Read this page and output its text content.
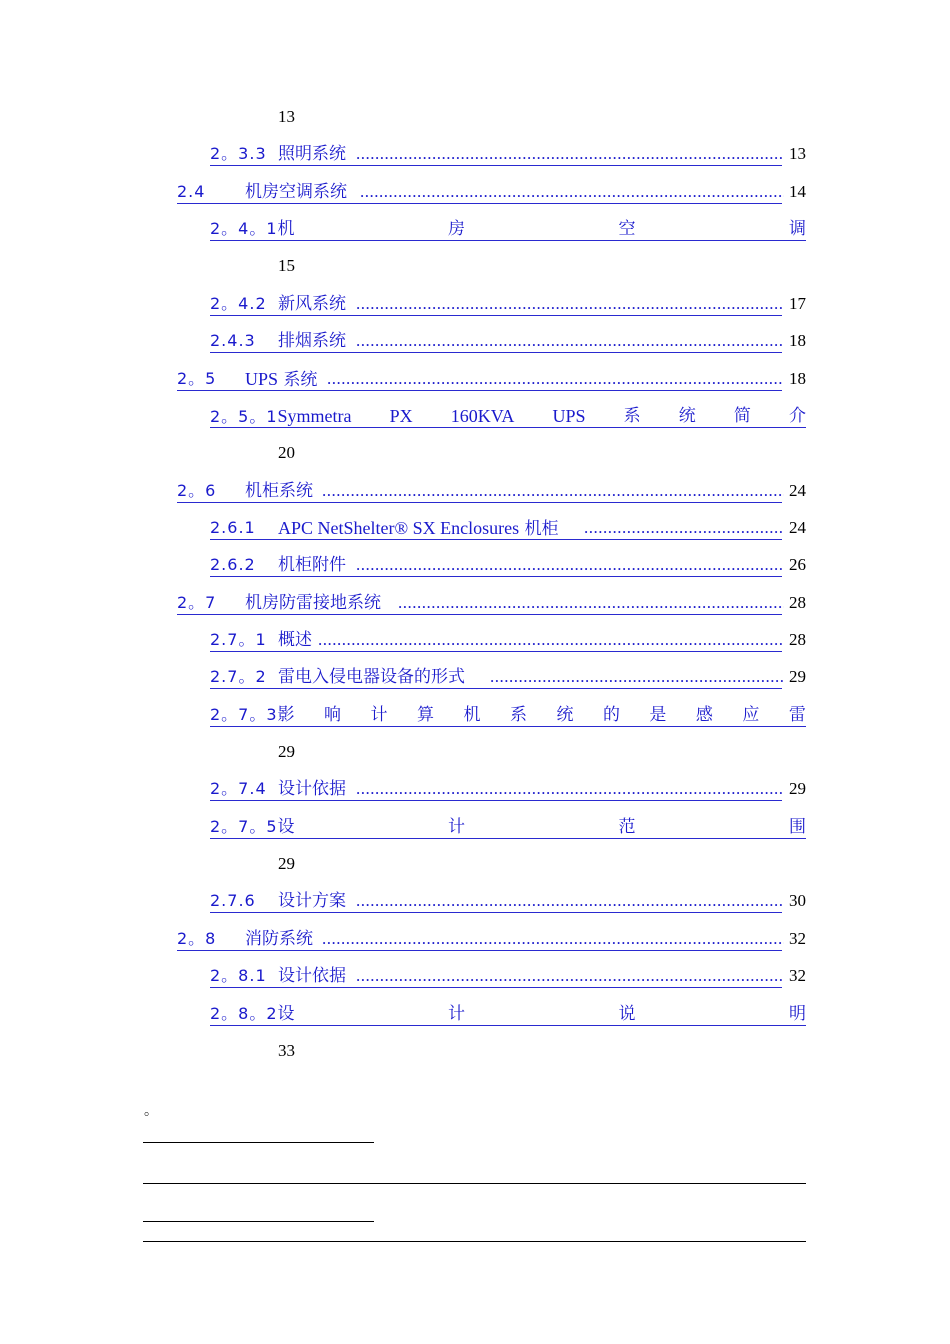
13
2。3.3 照明系统 .....	13
2.4 机房空调系统 .....	14
2。4。1机	房	空	调
15
2。4.2 新风系统 .....	17
2.4.3 排烟系统 .....	18
2。5 UPS 系统 .....	18
2。5。1Symmetra PX 160KVA UPS 系 统 简 介
20
2。6 机柜系统 .....	24
2.6.1 APC NetShelter® SX Enclosures 机柜 .....	24
2.6.2 机柜附件 .....	26
2。7 机房防雷接地系统 .....	28
2.7。1 概述 .....	28
2.7。2 雷电入侵电器设备的形式 .....	29
2。7。3影 响 计 算 机 系 统 的 是 感 应 雷
29
2。7.4 设计依据 .....	29
2。7。5设	计	范	围
29
2.7.6 设计方案 .....	30
2。8 消防系统 .....	32
2。8.1 设计依据 .....	32
2。8。2设	计	说	明
33
。
